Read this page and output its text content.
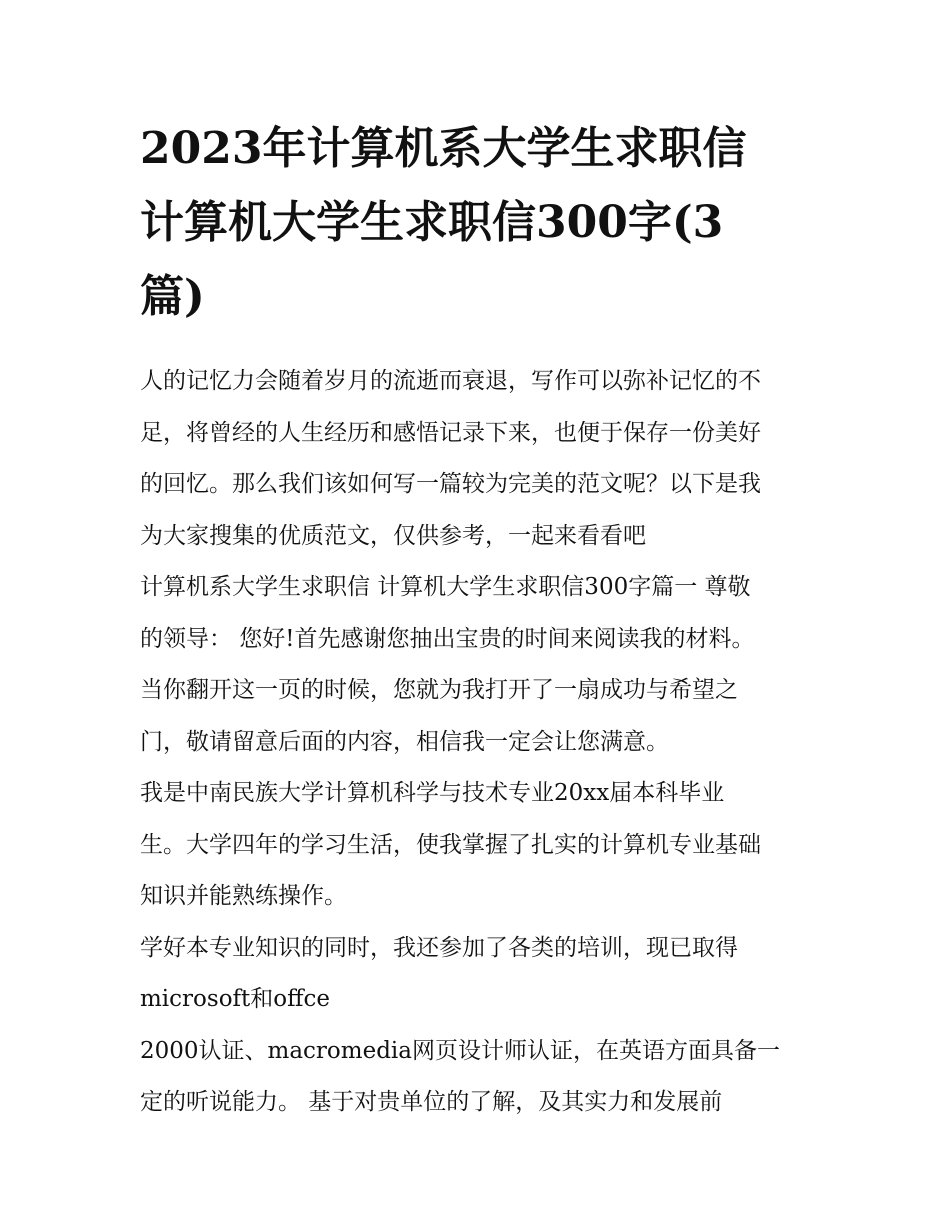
2023年计算机系大学生求职信
计算机大学生求职信300字(3
篇)
人的记忆力会随着岁月的流逝而衰退，写作可以弥补记忆的不
足，将曾经的人生经历和感悟记录下来，也便于保存一份美好
的回忆。那么我们该如何写一篇较为完美的范文呢？以下是我
为大家搜集的优质范文，仅供参考，一起来看看吧
计算机系大学生求职信 计算机大学生求职信300字篇一 尊敬
的领导： 您好!首先感谢您抽出宝贵的时间来阅读我的材料。
当你翻开这一页的时候，您就为我打开了一扇成功与希望之
门，敬请留意后面的内容，相信我一定会让您满意。
我是中南民族大学计算机科学与技术专业20xx届本科毕业
生。大学四年的学习生活，使我掌握了扎实的计算机专业基础
知识并能熟练操作。
学好本专业知识的同时，我还参加了各类的培训，现已取得
microsoft和offce
2000认证、macromedia网页设计师认证，在英语方面具备一
定的听说能力。 基于对贵单位的了解，及其实力和发展前
